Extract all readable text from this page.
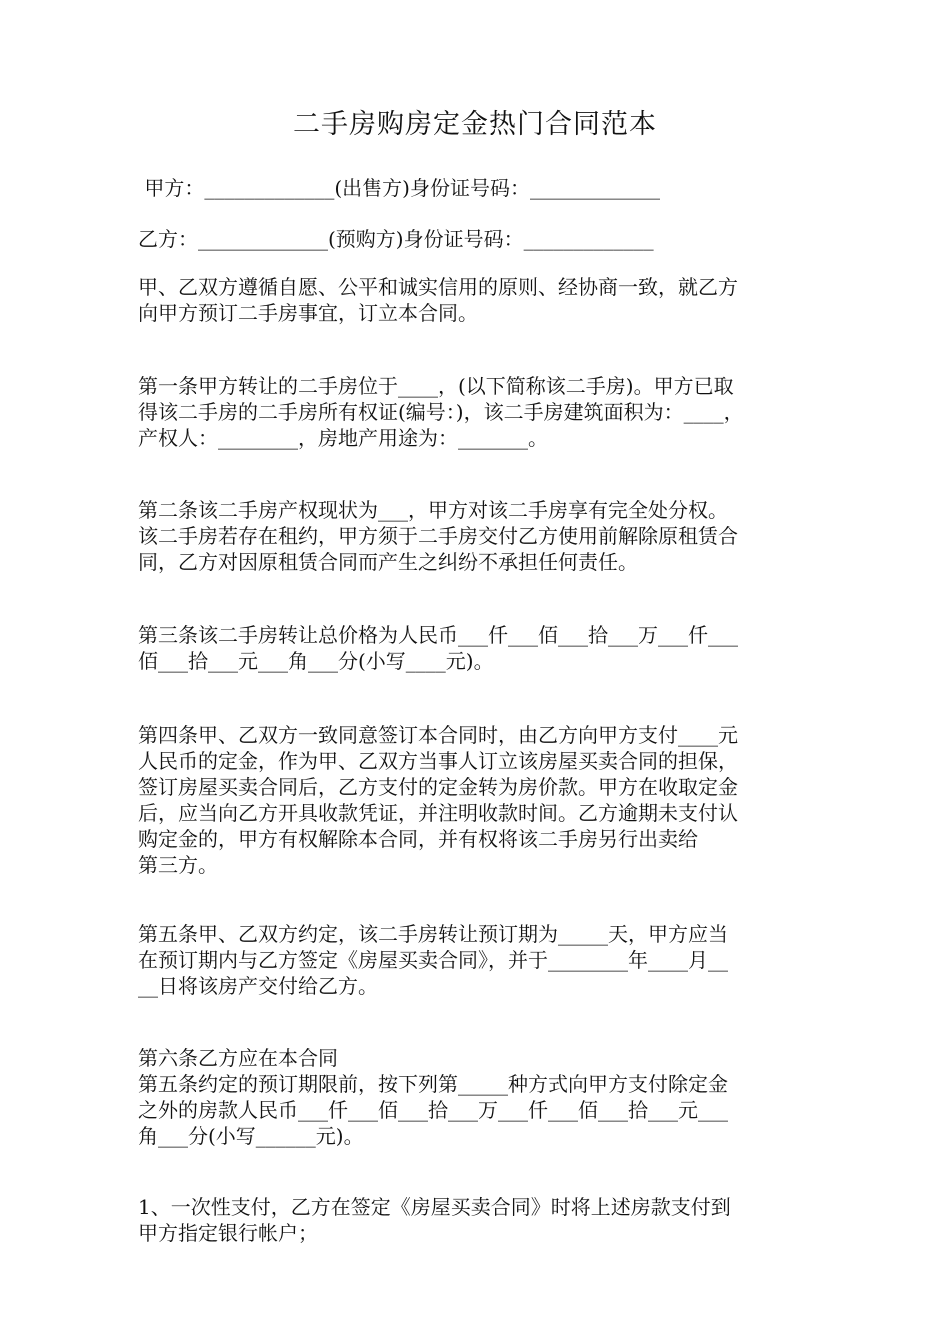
二手房购房定金热门合同范本
甲方：_____________(出售方)身份证号码：_____________
乙方：_____________(预购方)身份证号码：_____________
甲、乙双方遵循自愿、公平和诚实信用的原则、经协商一致，就乙方
向甲方预订二手房事宜，订立本合同。
第一条甲方转让的二手房位于____，(以下简称该二手房)。甲方已取
得该二手房的二手房所有权证(编号：)，该二手房建筑面积为：____，
产权人：________，房地产用途为：_______。
第二条该二手房产权现状为___，甲方对该二手房享有完全处分权。
该二手房若存在租约，甲方须于二手房交付乙方使用前解除原租赁合
同，乙方对因原租赁合同而产生之纠纷不承担任何责任。
第三条该二手房转让总价格为人民币___仟___佰___拾___万___仟___
佰___拾___元___角___分(小写____元)。
第四条甲、乙双方一致同意签订本合同时，由乙方向甲方支付____元
人民币的定金，作为甲、乙双方当事人订立该房屋买卖合同的担保，
签订房屋买卖合同后，乙方支付的定金转为房价款。甲方在收取定金
后，应当向乙方开具收款凭证，并注明收款时间。乙方逾期未支付认
购定金的，甲方有权解除本合同，并有权将该二手房另行出卖给
第三方。
第五条甲、乙双方约定，该二手房转让预订期为_____天，甲方应当
在预订期内与乙方签定《房屋买卖合同》，并于________年____月__
__日将该房产交付给乙方。
第六条乙方应在本合同
第五条约定的预订期限前，按下列第_____种方式向甲方支付除定金
之外的房款人民币___仟___佰___拾___万___仟___佰___拾___元___
角___分(小写______元)。
1、一次性支付，乙方在签定《房屋买卖合同》时将上述房款支付到
甲方指定银行帐户；
